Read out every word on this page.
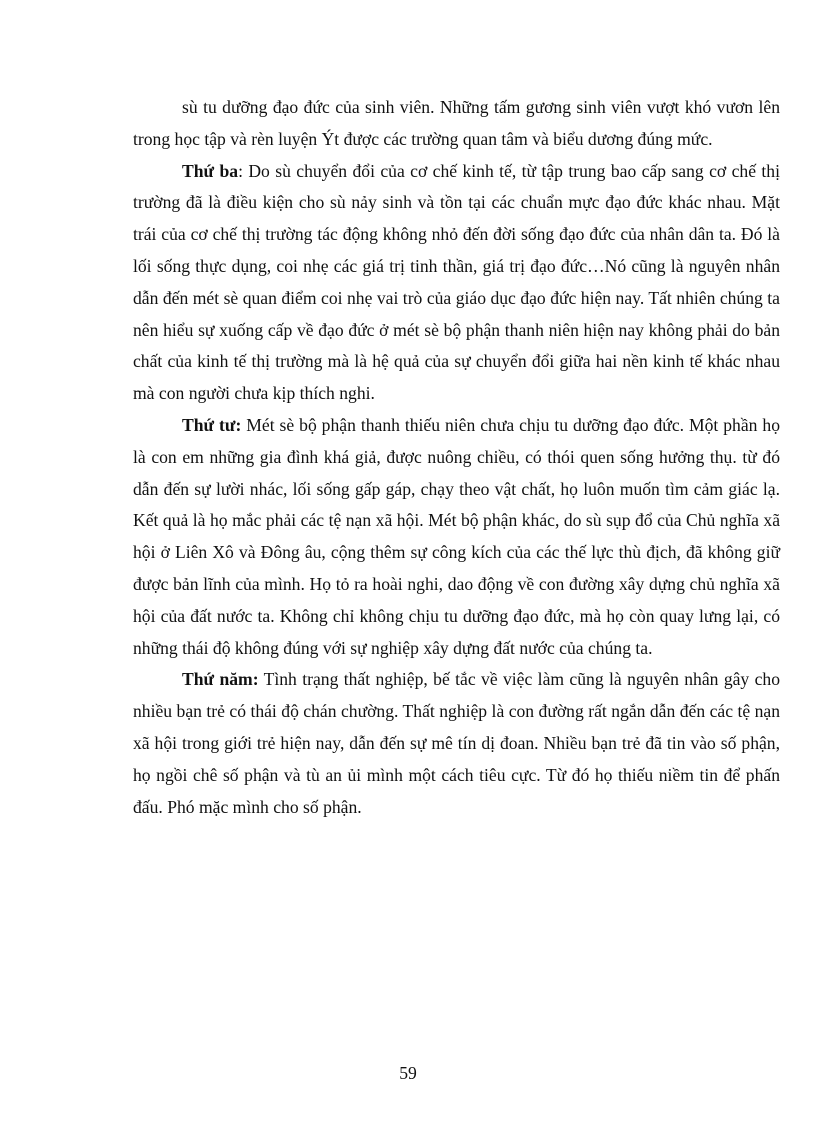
sù tu dưỡng đạo đức của sinh viên. Những tấm gương sinh viên vượt khó vươn lên trong học tập và rèn luyện Ýt được các trường quan tâm và biểu dương đúng mức.

Thứ ba: Do sù chuyển đổi của cơ chế kinh tế, từ tập trung bao cấp sang cơ chế thị trường đã là điều kiện cho sù nảy sinh và tồn tại các chuẩn mực đạo đức khác nhau. Mặt trái của cơ chế thị trường tác động không nhỏ đến đời sống đạo đức của nhân dân ta. Đó là lối sống thực dụng, coi nhẹ các giá trị tinh thần, giá trị đạo đức…Nó cũng là nguyên nhân dẫn đến mét sè quan điểm coi nhẹ vai trò của giáo dục đạo đức hiện nay. Tất nhiên chúng ta nên hiểu sự xuống cấp về đạo đức ở mét sè bộ phận thanh niên hiện nay không phải do bản chất của kinh tế thị trường mà là hệ quả của sự chuyển đổi giữa hai nền kinh tế khác nhau mà con người chưa kịp thích nghi.

Thứ tư: Mét sè bộ phận thanh thiếu niên chưa chịu tu dưỡng đạo đức. Một phần họ là con em những gia đình khá giả, được nuông chiều, có thói quen sống hưởng thụ. từ đó dẫn đến sự lười nhác, lối sống gấp gáp, chạy theo vật chất, họ luôn muốn tìm cảm giác lạ. Kết quả là họ mắc phải các tệ nạn xã hội. Mét bộ phận khác, do sù sụp đổ của Chủ nghĩa xã hội ở Liên Xô và Đông âu, cộng thêm sự công kích của các thế lực thù địch, đã không giữ được bản lĩnh của mình. Họ tỏ ra hoài nghi, dao động về con đường xây dựng chủ nghĩa xã hội của đất nước ta. Không chỉ không chịu tu dưỡng đạo đức, mà họ còn quay lưng lại, có những thái độ không đúng với sự nghiệp xây dựng đất nước của chúng ta.

Thứ năm: Tình trạng thất nghiệp, bế tắc về việc làm cũng là nguyên nhân gây cho nhiều bạn trẻ có thái độ chán chường. Thất nghiệp là con đường rất ngắn dẫn đến các tệ nạn xã hội trong giới trẻ hiện nay, dẫn đến sự mê tín dị đoan. Nhiều bạn trẻ đã tin vào số phận, họ ngồi chê số phận và tù an ủi mình một cách tiêu cực. Từ đó họ thiếu niềm tin để phấn đấu. Phó mặc mình cho số phận.

59
